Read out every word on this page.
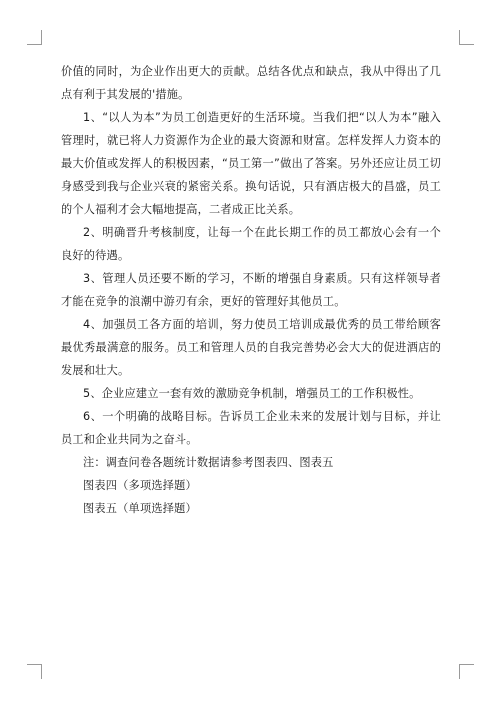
价值的同时，为企业作出更大的贡献。总结各优点和缺点，我从中得出了几点有利于其发展的'措施。

1、“以人为本”为员工创造更好的生活环境。当我们把“以人为本”融入管理时，就已将人力资源作为企业的最大资源和财富。怎样发挥人力资本的最大价值或发挥人的积极因素，“员工第一”做出了答案。另外还应让员工切身感受到我与企业兴衰的紧密关系。换句话说，只有酒店极大的昌盛，员工的个人福利才会大幅地提高，二者成正比关系。

2、明确晋升考核制度，让每一个在此长期工作的员工都放心会有一个良好的待遇。

3、管理人员还要不断的学习，不断的增强自身素质。只有这样领导者才能在竞争的浪潮中游刃有余，更好的管理好其他员工。

4、加强员工各方面的培训，努力使员工培训成最优秀的员工带给顾客最优秀最满意的服务。员工和管理人员的自我完善势必会大大的促进酒店的发展和壮大。

5、企业应建立一套有效的激励竞争机制，增强员工的工作积极性。

6、一个明确的战略目标。告诉员工企业未来的发展计划与目标，并让员工和企业共同为之奋斗。

注：调查问卷各题统计数据请参考图表四、图表五

图表四（多项选择题）

图表五（单项选择题）
